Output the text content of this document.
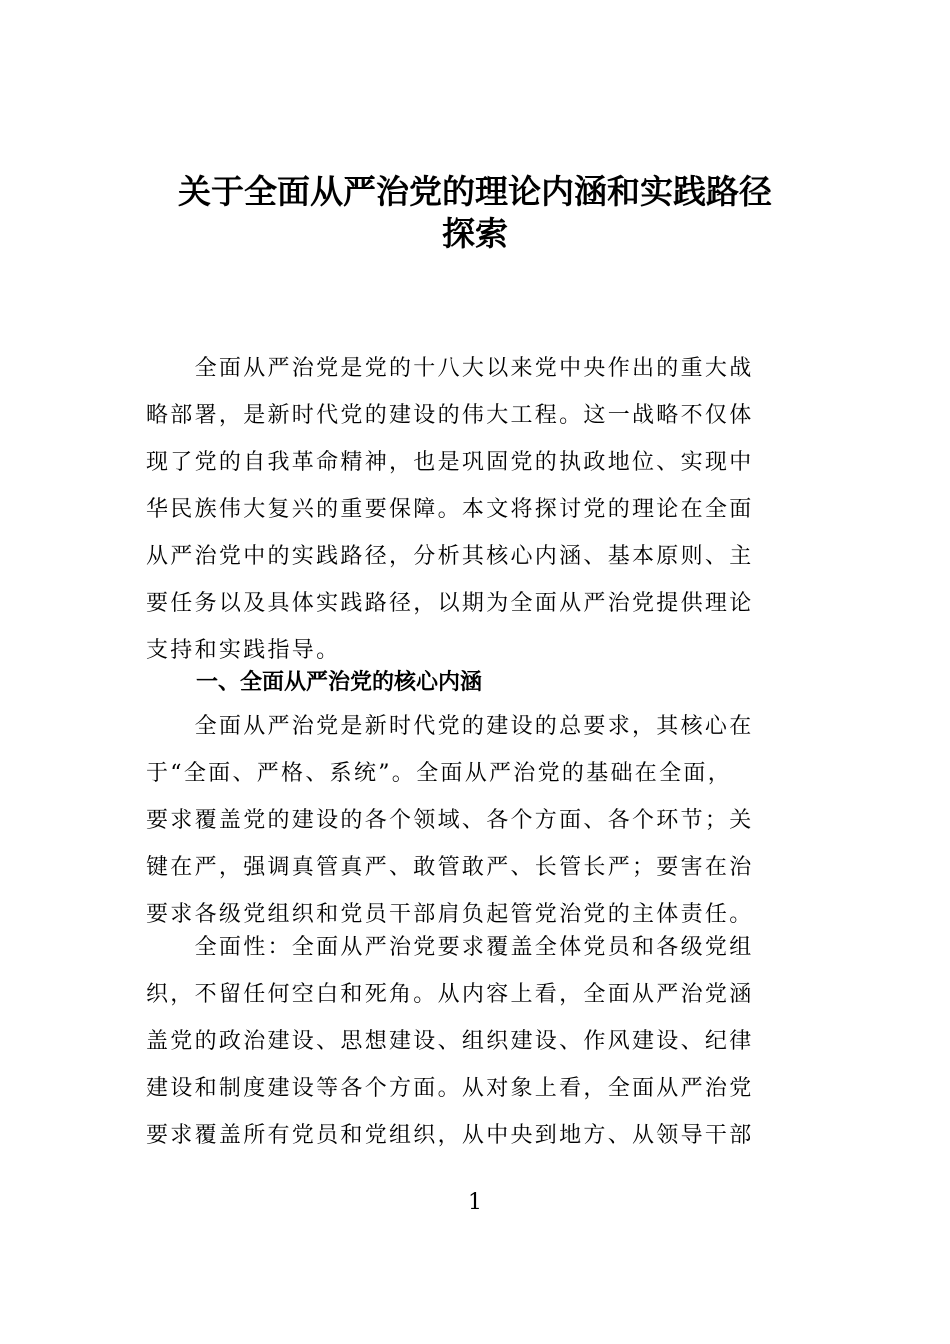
关于全面从严治党的理论内涵和实践路径
探索
　　全面从严治党是党的十八大以来党中央作出的重大战
略部署，是新时代党的建设的伟大工程。这一战略不仅体
现了党的自我革命精神，也是巩固党的执政地位、实现中
华民族伟大复兴的重要保障。本文将探讨党的理论在全面
从严治党中的实践路径，分析其核心内涵、基本原则、主
要任务以及具体实践路径，以期为全面从严治党提供理论
支持和实践指导。
一、全面从严治党的核心内涵
　　全面从严治党是新时代党的建设的总要求，其核心在
于“全面、严格、系统”。全面从严治党的基础在全面，
要求覆盖党的建设的各个领域、各个方面、各个环节；关
键在严，强调真管真严、敢管敢严、长管长严；要害在治
要求各级党组织和党员干部肩负起管党治党的主体责任。
　　全面性：全面从严治党要求覆盖全体党员和各级党组
织，不留任何空白和死角。从内容上看，全面从严治党涵
盖党的政治建设、思想建设、组织建设、作风建设、纪律
建设和制度建设等各个方面。从对象上看，全面从严治党
要求覆盖所有党员和党组织，从中央到地方、从领导干部
1
